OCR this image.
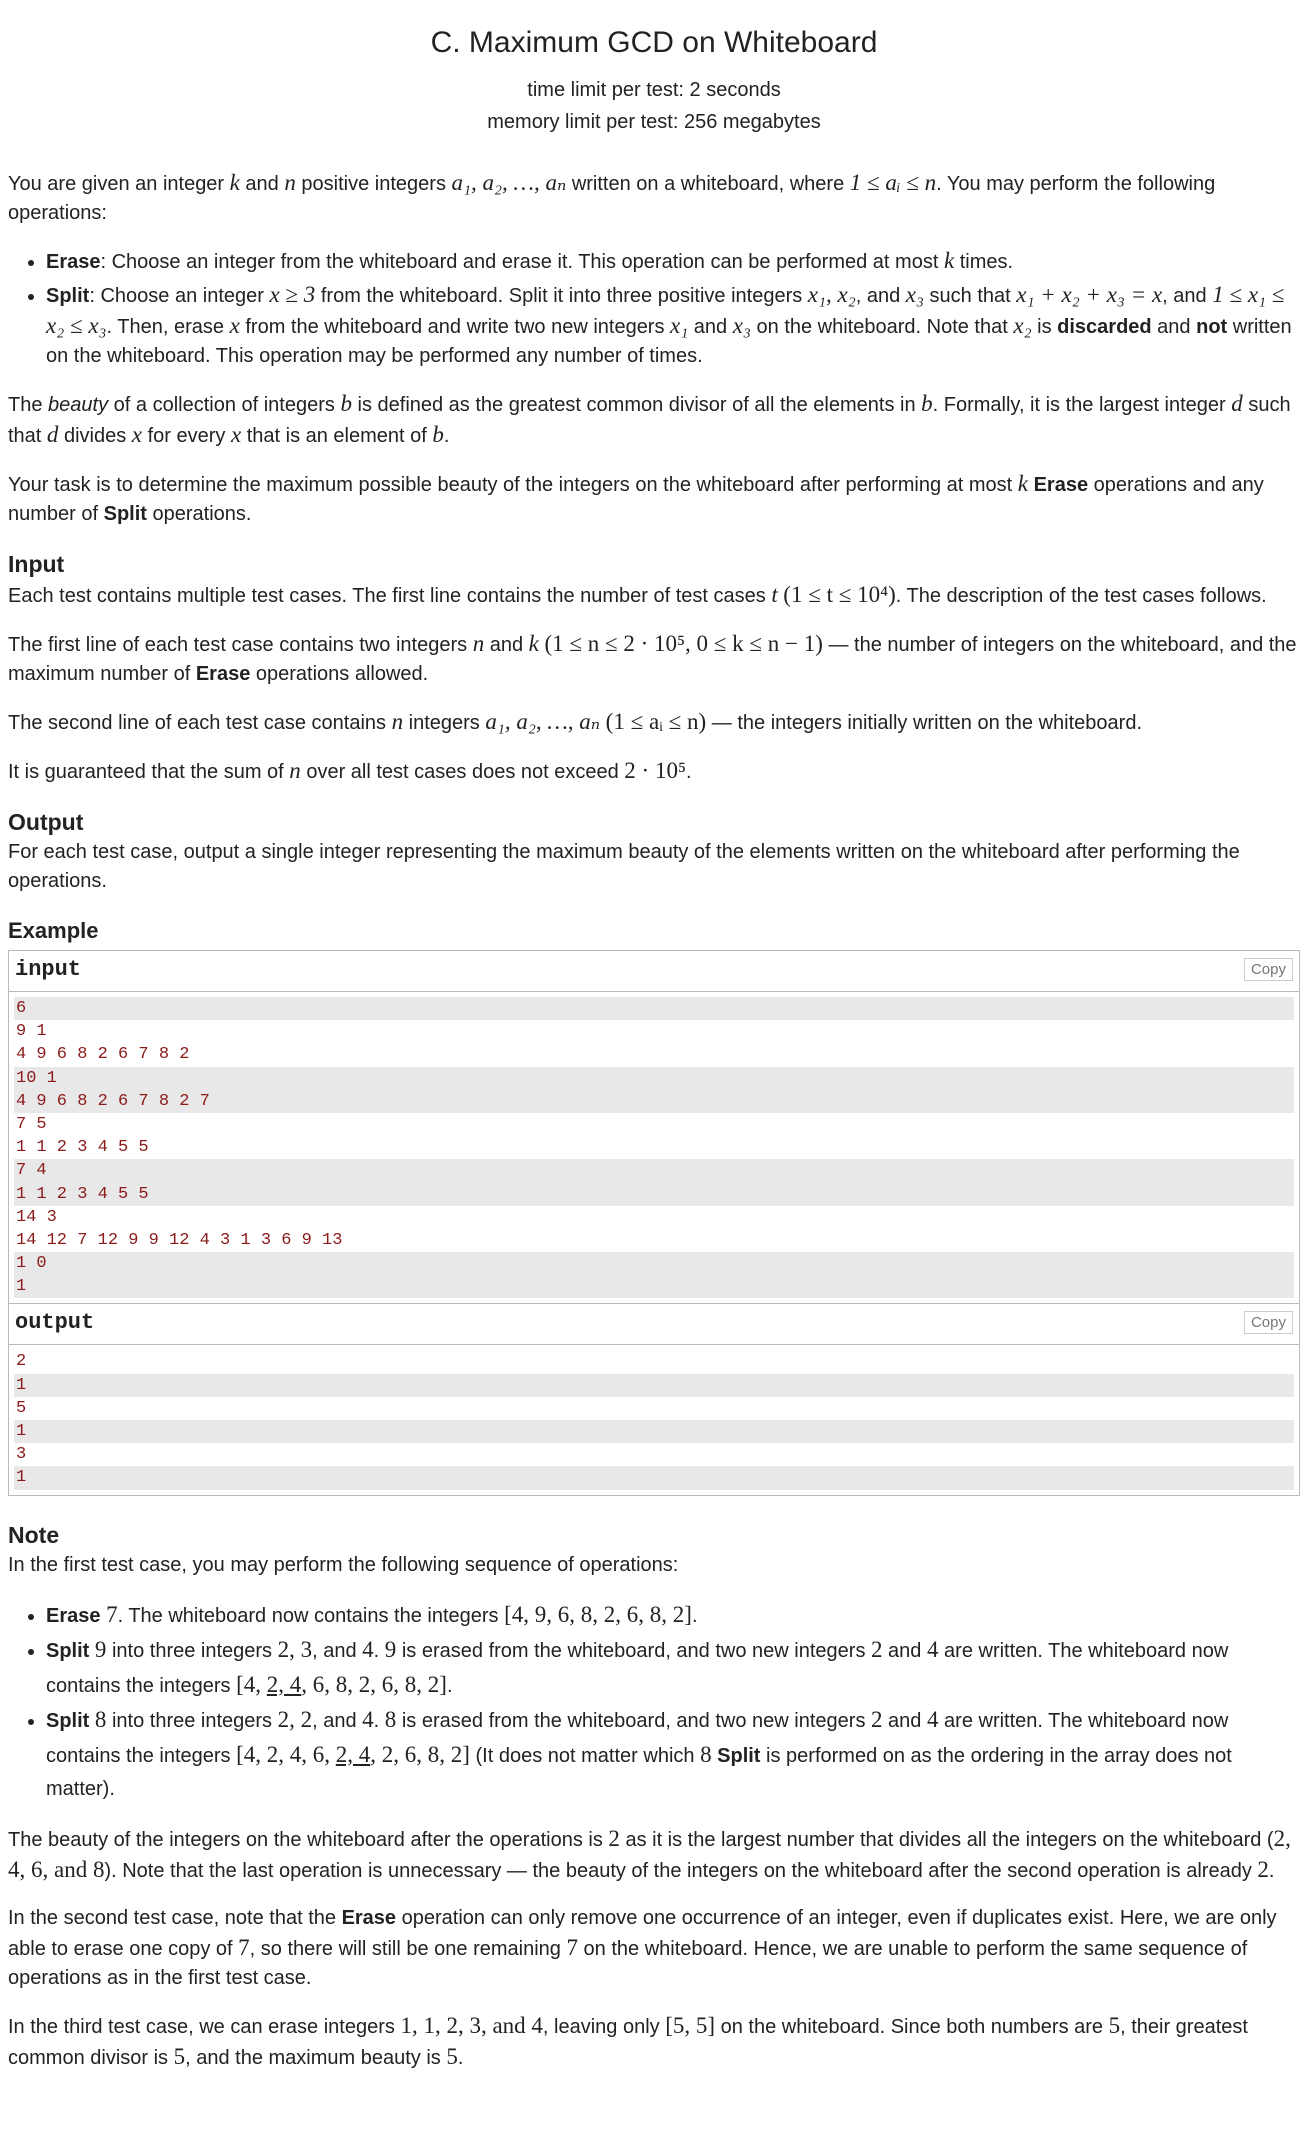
C. Maximum GCD on Whiteboard
time limit per test: 2 seconds
memory limit per test: 256 megabytes

You are given an integer k and n positive integers a₁, a₂, …, aₙ written on a whiteboard, where 1 ≤ aᵢ ≤ n. You may perform the following operations:

• Erase: Choose an integer from the whiteboard and erase it. This operation can be performed at most k times.
• Split: Choose an integer x ≥ 3 from the whiteboard. Split it into three positive integers x₁, x₂, and x₃ such that x₁ + x₂ + x₃ = x, and 1 ≤ x₁ ≤ x₂ ≤ x₃. Then, erase x from the whiteboard and write two new integers x₁ and x₃ on the whiteboard. Note that x₂ is discarded and not written on the whiteboard. This operation may be performed any number of times.

The beauty of a collection of integers b is defined as the greatest common divisor of all the elements in b. Formally, it is the largest integer d such that d divides x for every x that is an element of b.

Your task is to determine the maximum possible beauty of the integers on the whiteboard after performing at most k Erase operations and any number of Split operations.

Input

Each test contains multiple test cases. The first line contains the number of test cases t (1 ≤ t ≤ 10⁴). The description of the test cases follows.

The first line of each test case contains two integers n and k (1 ≤ n ≤ 2 · 10⁵, 0 ≤ k ≤ n − 1) — the number of integers on the whiteboard, and the maximum number of Erase operations allowed.

The second line of each test case contains n integers a₁, a₂, …, aₙ (1 ≤ aᵢ ≤ n) — the integers initially written on the whiteboard.

It is guaranteed that the sum of n over all test cases does not exceed 2 · 10⁵.

Output

For each test case, output a single integer representing the maximum beauty of the elements written on the whiteboard after performing the operations.

Example
input	Copy
6
9 1
4 9 6 8 2 6 7 8 2
10 1
4 9 6 8 2 6 7 8 2 7
7 5
1 1 2 3 4 5 5
7 4
1 1 2 3 4 5 5
14 3
14 12 7 12 9 9 12 4 3 1 3 6 9 13
1 0
1
output	Copy
2
1
5
1
3
1
Note

In the first test case, you may perform the following sequence of operations:

• Erase 7. The whiteboard now contains the integers [4, 9, 6, 8, 2, 6, 8, 2].
• Split 9 into three integers 2, 3, and 4. 9 is erased from the whiteboard, and two new integers 2 and 4 are written. The whiteboard now contains the integers [4, 2, 4, 6, 8, 2, 6, 8, 2].
• Split 8 into three integers 2, 2, and 4. 8 is erased from the whiteboard, and two new integers 2 and 4 are written. The whiteboard now contains the integers [4, 2, 4, 6, 2, 4, 2, 6, 8, 2] (It does not matter which 8 Split is performed on as the ordering in the array does not matter).

The beauty of the integers on the whiteboard after the operations is 2 as it is the largest number that divides all the integers on the whiteboard (2, 4, 6, and 8). Note that the last operation is unnecessary — the beauty of the integers on the whiteboard after the second operation is already 2.

In the second test case, note that the Erase operation can only remove one occurrence of an integer, even if duplicates exist. Here, we are only able to erase one copy of 7, so there will still be one remaining 7 on the whiteboard. Hence, we are unable to perform the same sequence of operations as in the first test case.

In the third test case, we can erase integers 1, 1, 2, 3, and 4, leaving only [5, 5] on the whiteboard. Since both numbers are 5, their greatest common divisor is 5, and the maximum beauty is 5.
